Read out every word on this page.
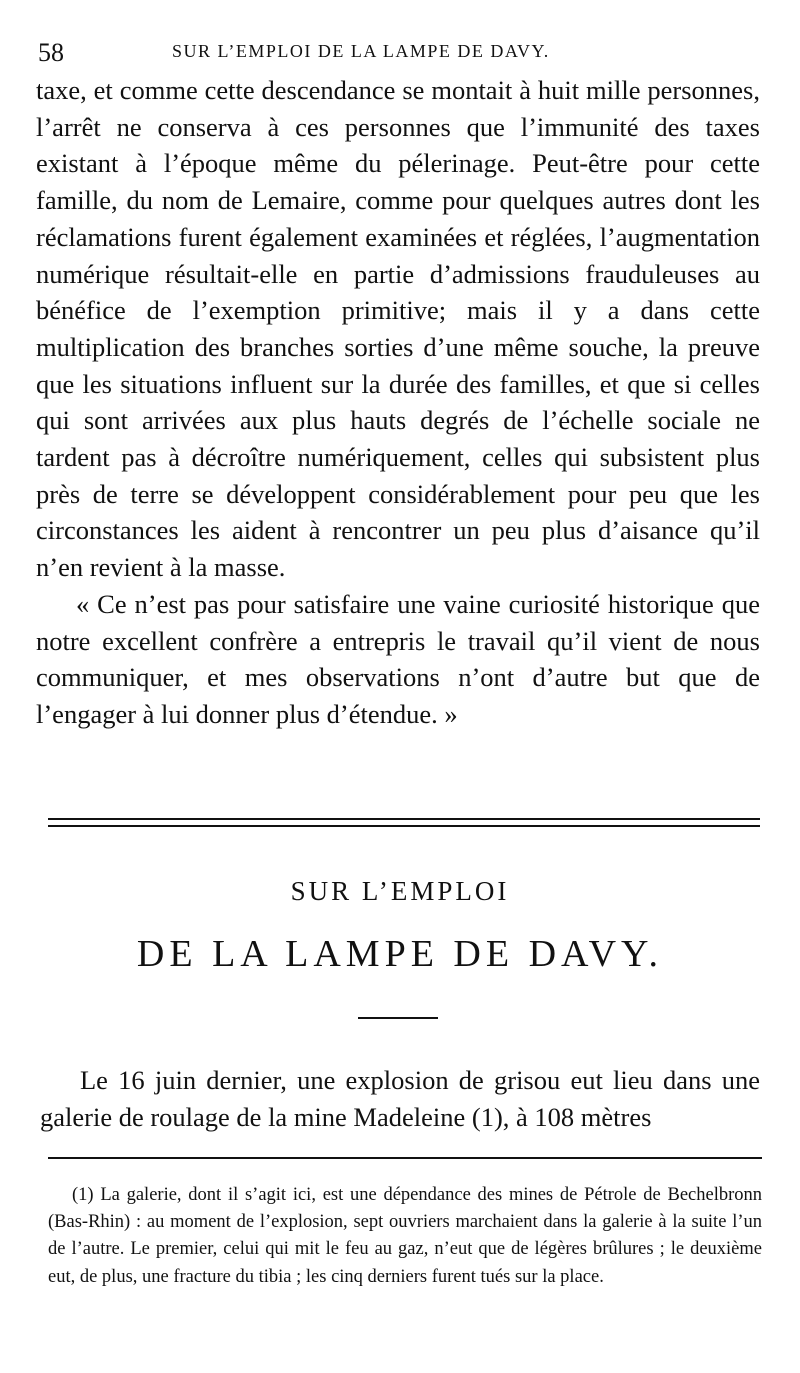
58	SUR L’EMPLOI DE LA LAMPE DE DAVY.

taxe, et comme cette descendance se montait à huit mille personnes, l’arrêt ne conserva à ces personnes que l’immunité des taxes existant à l’époque même du pélerinage. Peut-être pour cette famille, du nom de Lemaire, comme pour quelques autres dont les réclamations furent également examinées et réglées, l’augmentation numérique résultait-elle en partie d’admissions frauduleuses au bénéfice de l’exemption primitive; mais il y a dans cette multiplication des branches sorties d’une même souche, la preuve que les situations influent sur la durée des familles, et que si celles qui sont arrivées aux plus hauts degrés de l’échelle sociale ne tardent pas à décroître numériquement, celles qui subsistent plus près de terre se développent considérablement pour peu que les circonstances les aident à rencontrer un peu plus d’aisance qu’il n’en revient à la masse.

« Ce n’est pas pour satisfaire une vaine curiosité historique que notre excellent confrère a entrepris le travail qu’il vient de nous communiquer, et mes observations n’ont d’autre but que de l’engager à lui donner plus d’étendue. »

SUR L’EMPLOI
DE LA LAMPE DE DAVY.

Le 16 juin dernier, une explosion de grisou eut lieu dans une galerie de roulage de la mine Madeleine (1), à 108 mètres

(1) La galerie, dont il s’agit ici, est une dépendance des mines de Pétrole de Bechelbronn (Bas-Rhin) : au moment de l’explosion, sept ouvriers marchaient dans la galerie à la suite l’un de l’autre. Le premier, celui qui mit le feu au gaz, n’eut que de légères brûlures ; le deuxième eut, de plus, une fracture du tibia ; les cinq derniers furent tués sur la place.
